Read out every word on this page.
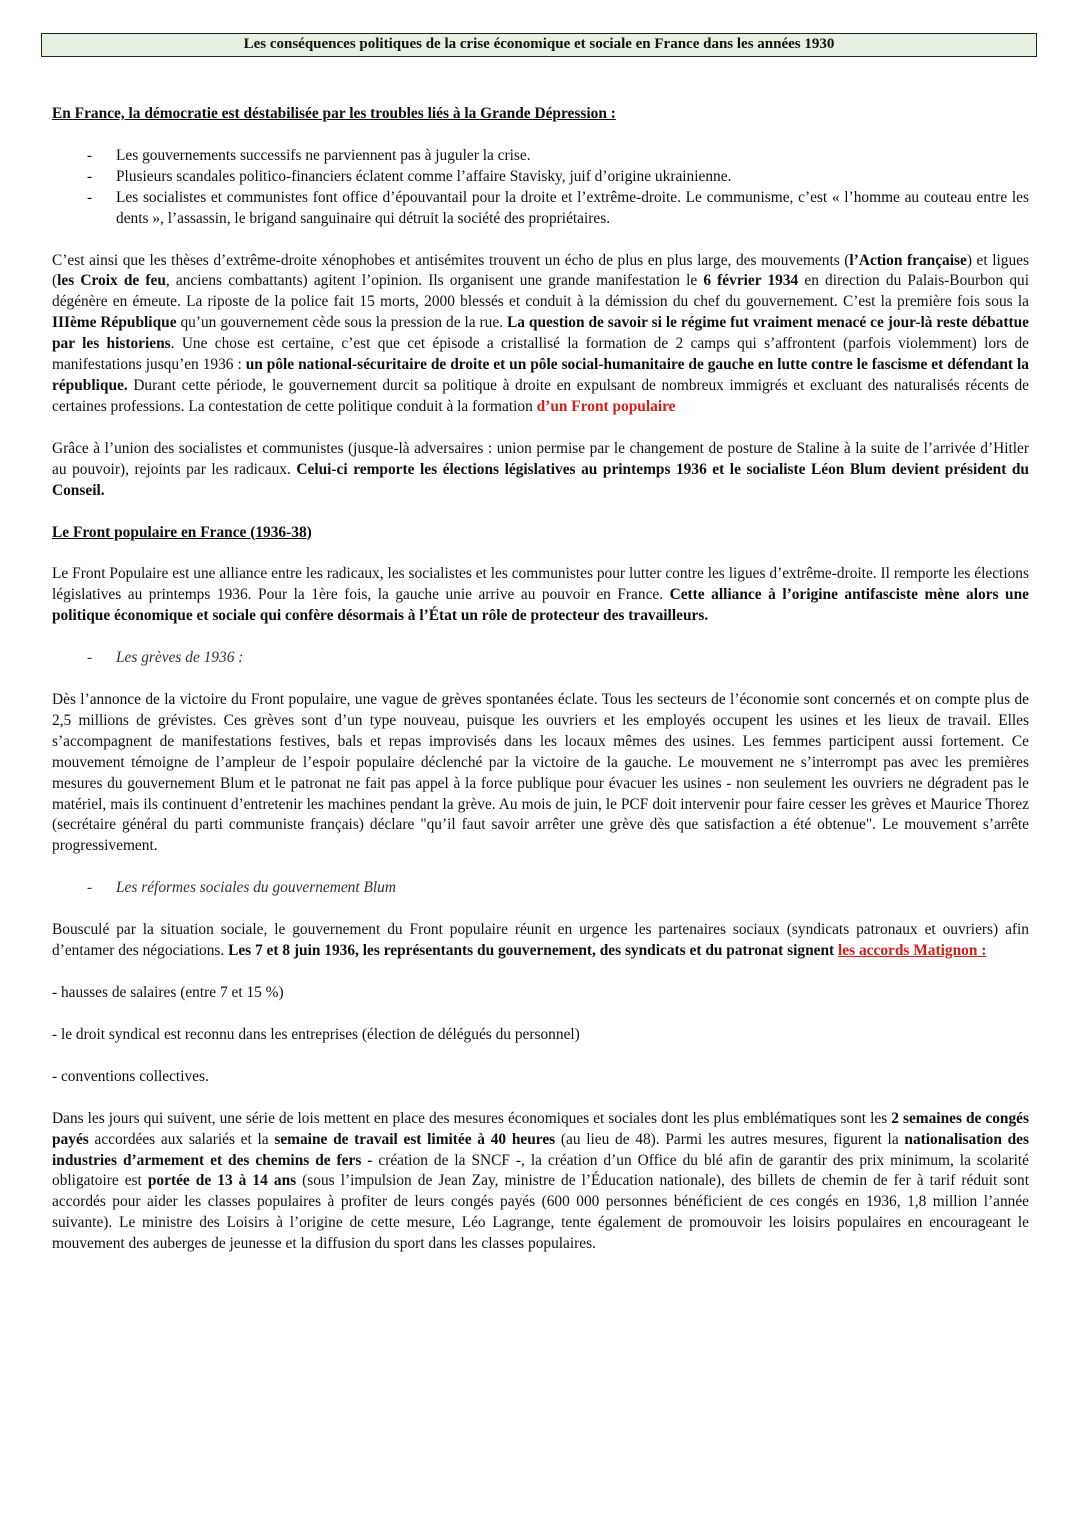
Les conséquences politiques de la crise économique et sociale en France dans les années 1930

En France, la démocratie est déstabilisée par les troubles liés à la Grande Dépression :

- Les gouvernements successifs ne parviennent pas à juguler la crise.
- Plusieurs scandales politico-financiers éclatent comme l’affaire Stavisky, juif d’origine ukrainienne.
- Les socialistes et communistes font office d’épouvantail pour la droite et l’extrême-droite. Le communisme, c’est « l’homme au couteau entre les dents », l’assassin, le brigand sanguinaire qui détruit la société des propriétaires.

C’est ainsi que les thèses d’extrême-droite xénophobes et antisémites trouvent un écho de plus en plus large, des mouvements (l’Action française) et ligues (les Croix de feu, anciens combattants) agitent l’opinion. Ils organisent une grande manifestation le 6 février 1934 en direction du Palais-Bourbon qui dégénère en émeute. La riposte de la police fait 15 morts, 2000 blessés et conduit à la démission du chef du gouvernement. C’est la première fois sous la IIIème République qu’un gouvernement cède sous la pression de la rue. La question de savoir si le régime fut vraiment menacé ce jour-là reste débattue par les historiens. Une chose est certaine, c’est que cet épisode a cristallisé la formation de 2 camps qui s’affrontent (parfois violemment) lors de manifestations jusqu’en 1936 : un pôle national-sécuritaire de droite et un pôle social-humanitaire de gauche en lutte contre le fascisme et défendant la république. Durant cette période, le gouvernement durcit sa politique à droite en expulsant de nombreux immigrés et excluant des naturalisés récents de certaines professions. La contestation de cette politique conduit à la formation d’un Front populaire

Grâce à l’union des socialistes et communistes (jusque-là adversaires : union permise par le changement de posture de Staline à la suite de l’arrivée d’Hitler au pouvoir), rejoints par les radicaux. Celui-ci remporte les élections législatives au printemps 1936 et le socialiste Léon Blum devient président du Conseil.

Le Front populaire en France (1936-38)

Le Front Populaire est une alliance entre les radicaux, les socialistes et les communistes pour lutter contre les ligues d’extrême-droite. Il remporte les élections législatives au printemps 1936. Pour la 1ère fois, la gauche unie arrive au pouvoir en France. Cette alliance à l’origine antifasciste mène alors une politique économique et sociale qui confère désormais à l’État un rôle de protecteur des travailleurs.

- Les grèves de 1936 :

Dès l’annonce de la victoire du Front populaire, une vague de grèves spontanées éclate. Tous les secteurs de l’économie sont concernés et on compte plus de 2,5 millions de grévistes. Ces grèves sont d’un type nouveau, puisque les ouvriers et les employés occupent les usines et les lieux de travail. Elles s’accompagnent de manifestations festives, bals et repas improvisés dans les locaux mêmes des usines. Les femmes participent aussi fortement. Ce mouvement témoigne de l’ampleur de l’espoir populaire déclenché par la victoire de la gauche. Le mouvement ne s’interrompt pas avec les premières mesures du gouvernement Blum et le patronat ne fait pas appel à la force publique pour évacuer les usines - non seulement les ouvriers ne dégradent pas le matériel, mais ils continuent d’entretenir les machines pendant la grève. Au mois de juin, le PCF doit intervenir pour faire cesser les grèves et Maurice Thorez (secrétaire général du parti communiste français) déclare "qu’il faut savoir arrêter une grève dès que satisfaction a été obtenue". Le mouvement s’arrête progressivement.

- Les réformes sociales du gouvernement Blum

Bousculé par la situation sociale, le gouvernement du Front populaire réunit en urgence les partenaires sociaux (syndicats patronaux et ouvriers) afin d’entamer des négociations. Les 7 et 8 juin 1936, les représentants du gouvernement, des syndicats et du patronat signent les accords Matignon :

- hausses de salaires (entre 7 et 15 %)

- le droit syndical est reconnu dans les entreprises (élection de délégués du personnel)

- conventions collectives.

Dans les jours qui suivent, une série de lois mettent en place des mesures économiques et sociales dont les plus emblématiques sont les 2 semaines de congés payés accordées aux salariés et la semaine de travail est limitée à 40 heures (au lieu de 48). Parmi les autres mesures, figurent la nationalisation des industries d’armement et des chemins de fers - création de la SNCF -, la création d’un Office du blé afin de garantir des prix minimum, la scolarité obligatoire est portée de 13 à 14 ans (sous l’impulsion de Jean Zay, ministre de l’Éducation nationale), des billets de chemin de fer à tarif réduit sont accordés pour aider les classes populaires à profiter de leurs congés payés (600 000 personnes bénéficient de ces congés en 1936, 1,8 million l’année suivante). Le ministre des Loisirs à l’origine de cette mesure, Léo Lagrange, tente également de promouvoir les loisirs populaires en encourageant le mouvement des auberges de jeunesse et la diffusion du sport dans les classes populaires.
